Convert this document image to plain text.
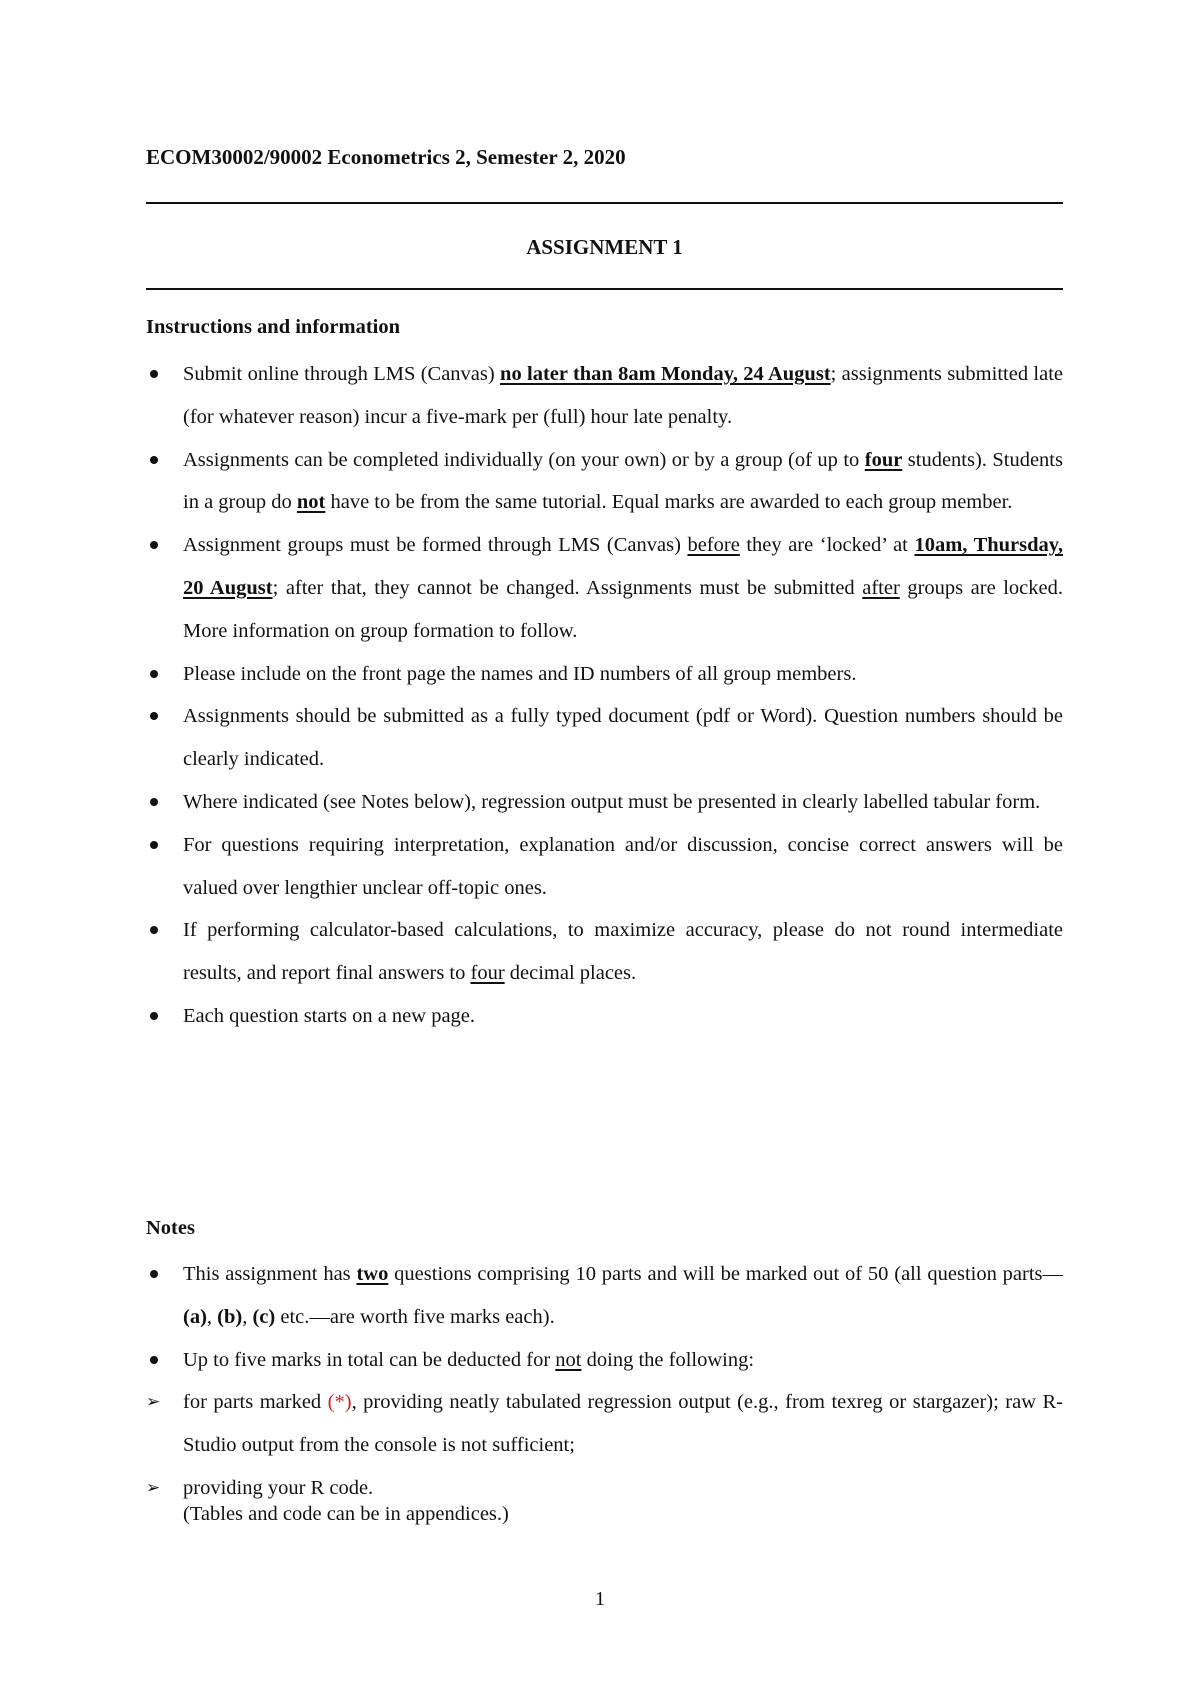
ECOM30002/90002 Econometrics 2, Semester 2, 2020
ASSIGNMENT 1
Instructions and information
Submit online through LMS (Canvas) no later than 8am Monday, 24 August; assignments submitted late (for whatever reason) incur a five-mark per (full) hour late penalty.
Assignments can be completed individually (on your own) or by a group (of up to four students). Students in a group do not have to be from the same tutorial. Equal marks are awarded to each group member.
Assignment groups must be formed through LMS (Canvas) before they are ‘locked’ at 10am, Thursday, 20 August; after that, they cannot be changed. Assignments must be submitted after groups are locked. More information on group formation to follow.
Please include on the front page the names and ID numbers of all group members.
Assignments should be submitted as a fully typed document (pdf or Word). Question numbers should be clearly indicated.
Where indicated (see Notes below), regression output must be presented in clearly labelled tabular form.
For questions requiring interpretation, explanation and/or discussion, concise correct answers will be valued over lengthier unclear off-topic ones.
If performing calculator-based calculations, to maximize accuracy, please do not round intermediate results, and report final answers to four decimal places.
Each question starts on a new page.
Notes
This assignment has two questions comprising 10 parts and will be marked out of 50 (all question parts—(a), (b), (c) etc.—are worth five marks each).
Up to five marks in total can be deducted for not doing the following:
➢ for parts marked (*), providing neatly tabulated regression output (e.g., from texreg or stargazer); raw R-Studio output from the console is not sufficient;
➢ providing your R code.
(Tables and code can be in appendices.)
1
